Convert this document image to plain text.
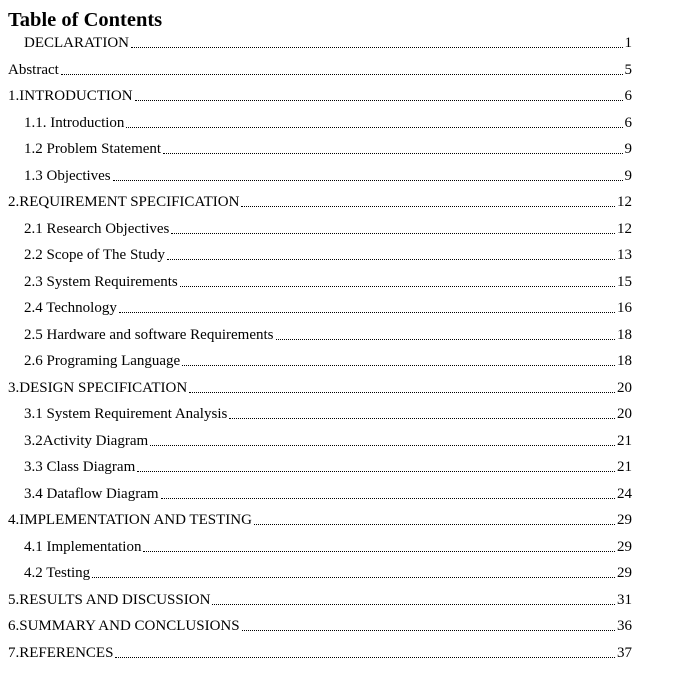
Table of Contents
DECLARATION	1
Abstract	5
1.INTRODUCTION	6
1.1. Introduction	6
1.2 Problem Statement	9
1.3 Objectives	9
2.REQUIREMENT SPECIFICATION	12
2.1 Research Objectives	12
2.2 Scope of The Study	13
2.3 System Requirements	15
2.4 Technology	16
2.5 Hardware and software Requirements	18
2.6 Programing Language	18
3.DESIGN SPECIFICATION	20
3.1 System Requirement Analysis	20
3.2Activity Diagram	21
3.3 Class Diagram	21
3.4 Dataflow Diagram	24
4.IMPLEMENTATION AND TESTING	29
4.1 Implementation	29
4.2 Testing	29
5.RESULTS AND DISCUSSION	31
6.SUMMARY AND CONCLUSIONS	36
7.REFERENCES	37
